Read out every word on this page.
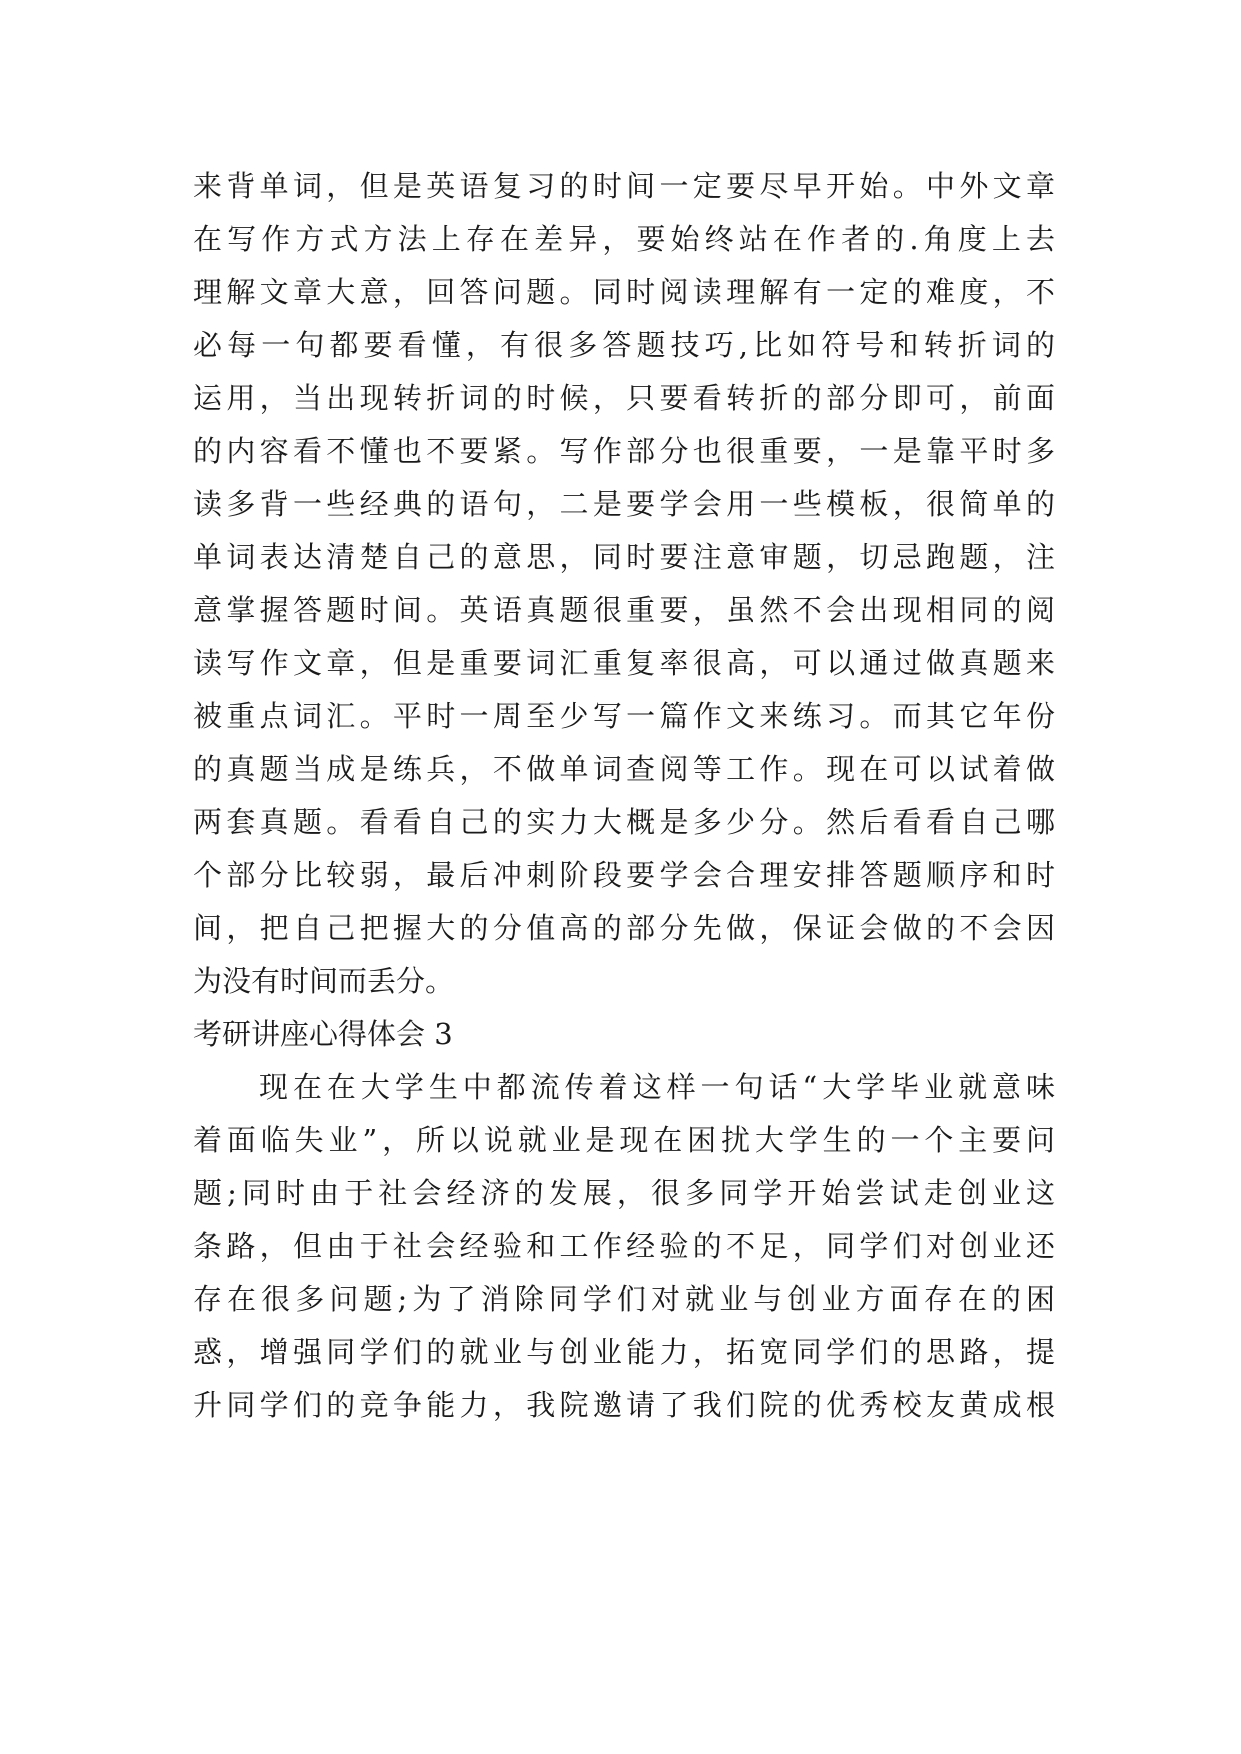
来背单词，但是英语复习的时间一定要尽早开始。中外文章
在写作方式方法上存在差异，要始终站在作者的.角度上去
理解文章大意，回答问题。同时阅读理解有一定的难度，不
必每一句都要看懂，有很多答题技巧,比如符号和转折词的
运用，当出现转折词的时候，只要看转折的部分即可，前面
的内容看不懂也不要紧。写作部分也很重要，一是靠平时多
读多背一些经典的语句，二是要学会用一些模板，很简单的
单词表达清楚自己的意思，同时要注意审题，切忌跑题，注
意掌握答题时间。英语真题很重要，虽然不会出现相同的阅
读写作文章，但是重要词汇重复率很高，可以通过做真题来
被重点词汇。平时一周至少写一篇作文来练习。而其它年份
的真题当成是练兵，不做单词查阅等工作。现在可以试着做
两套真题。看看自己的实力大概是多少分。然后看看自己哪
个部分比较弱，最后冲刺阶段要学会合理安排答题顺序和时
间，把自己把握大的分值高的部分先做，保证会做的不会因
为没有时间而丢分。
考研讲座心得体会 3
现在在大学生中都流传着这样一句话“大学毕业就意味
着面临失业”，所以说就业是现在困扰大学生的一个主要问
题;同时由于社会经济的发展，很多同学开始尝试走创业这
条路，但由于社会经验和工作经验的不足，同学们对创业还
存在很多问题;为了消除同学们对就业与创业方面存在的困
惑，增强同学们的就业与创业能力，拓宽同学们的思路，提
升同学们的竞争能力，我院邀请了我们院的优秀校友黄成根
